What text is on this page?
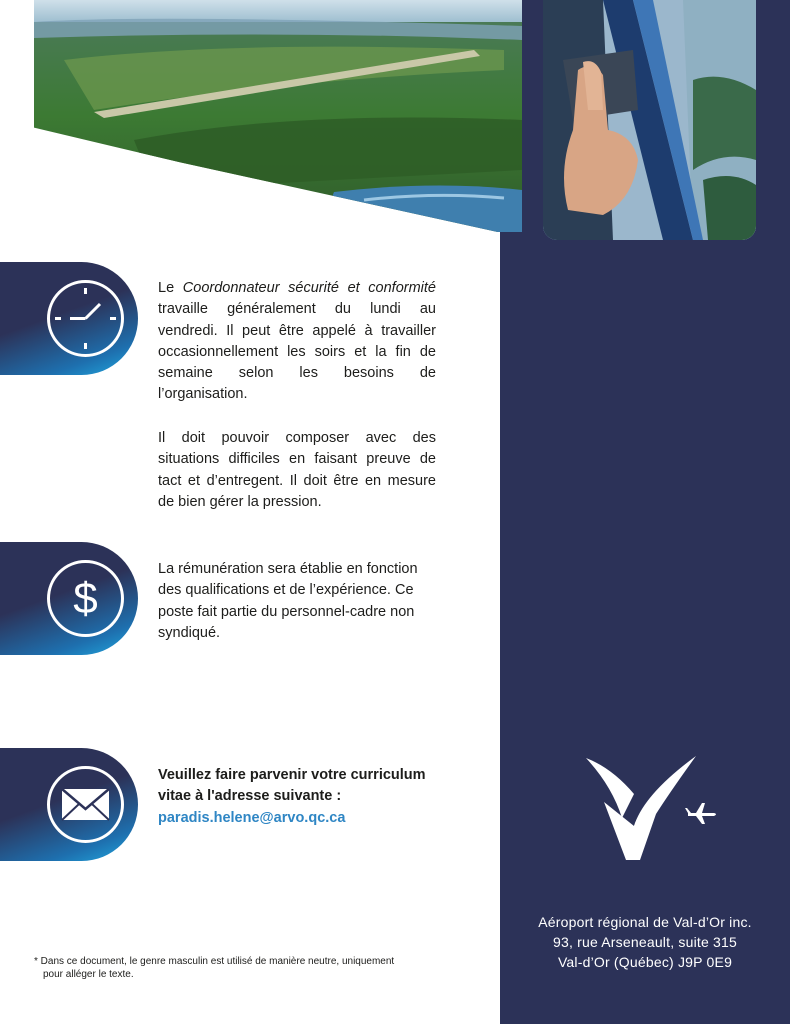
Le Coordonnateur sécurité et conformité travaille généralement du lundi au vendredi. Il peut être appelé à travailler occasionnellement les soirs et la fin de semaine selon les besoins de l’organisation.
Il doit pouvoir composer avec des situations difficiles en faisant preuve de tact et d’entregent. Il doit être en mesure de bien gérer la pression.
$
La rémunération sera établie en fonction des qualifications et de l’expérience. Ce poste fait partie du personnel-cadre non syndiqué.
Veuillez faire parvenir votre curriculum vitae à l'adresse suivante :
paradis.helene@arvo.qc.ca
* Dans ce document, le genre masculin est utilisé de manière neutre, uniquement
pour alléger le texte.
Aéroport régional de Val-d’Or inc.
93, rue Arseneault, suite 315
Val-d’Or (Québec) J9P 0E9
